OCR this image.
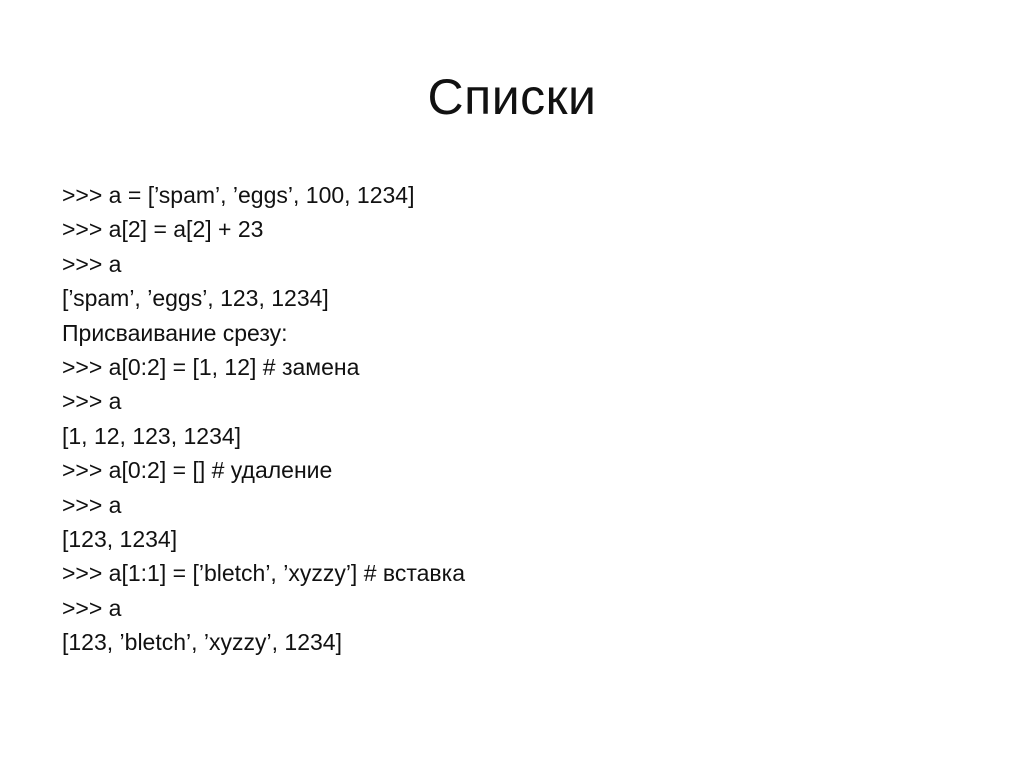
Списки
>>> a = [’spam’, ’eggs’, 100, 1234]
>>> a[2] = a[2] + 23
>>> a
[’spam’, ’eggs’, 123, 1234]
Присваивание срезу:
>>> a[0:2] = [1, 12] # замена
>>> a
[1, 12, 123, 1234]
>>> a[0:2] = [] # удаление
>>> a
[123, 1234]
>>> a[1:1] = [’bletch’, ’xyzzy’] # вставка
>>> a
[123, ’bletch’, ’xyzzy’, 1234]
